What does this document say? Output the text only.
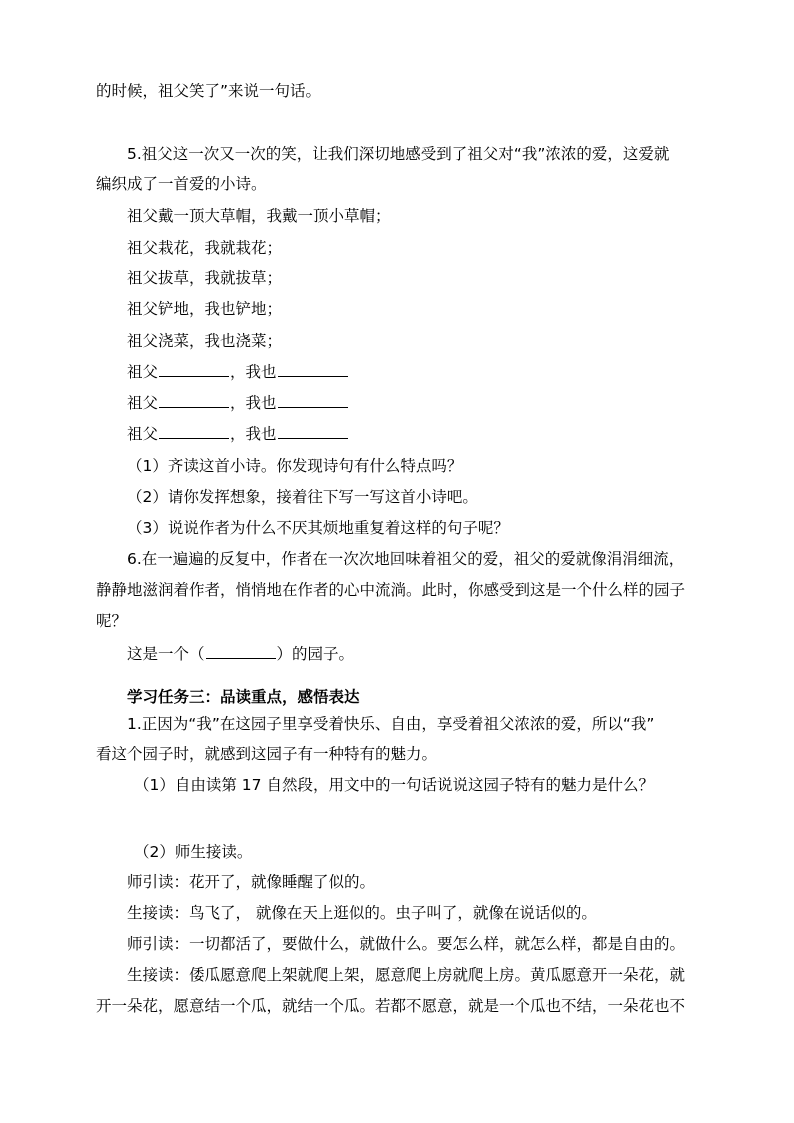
的时候，祖父笑了”来说一句话。
5.祖父这一次又一次的笑，让我们深切地感受到了祖父对“我”浓浓的爱，这爱就
编织成了一首爱的小诗。
祖父戴一顶大草帽，我戴一顶小草帽；
祖父栽花，我就栽花；
祖父拔草，我就拔草；
祖父铲地，我也铲地；
祖父浇菜，我也浇菜；
祖父	，我也
祖父	，我也
祖父	，我也
（1）齐读这首小诗。你发现诗句有什么特点吗？
（2）请你发挥想象，接着往下写一写这首小诗吧。
（3）说说作者为什么不厌其烦地重复着这样的句子呢？
6.在一遍遍的反复中，作者在一次次地回味着祖父的爱，祖父的爱就像涓涓细流，
静静地滋润着作者，悄悄地在作者的心中流淌。此时，你感受到这是一个什么样的园子
呢？
这是一个（	）的园子。
学习任务三：品读重点，感悟表达
1.正因为“我”在这园子里享受着快乐、自由，享受着祖父浓浓的爱，所以“我”
看这个园子时，就感到这园子有一种特有的魅力。
（1）自由读第 17 自然段，用文中的一句话说说这园子特有的魅力是什么？
（2）师生接读。
师引读：花开了，就像睡醒了似的。
生接读：鸟飞了， 就像在天上逛似的。虫子叫了，就像在说话似的。
师引读：一切都活了，要做什么，就做什么。要怎么样，就怎么样，都是自由的。
生接读：倭瓜愿意爬上架就爬上架，愿意爬上房就爬上房。黄瓜愿意开一朵花，就
开一朵花，愿意结一个瓜，就结一个瓜。若都不愿意，就是一个瓜也不结，一朵花也不
